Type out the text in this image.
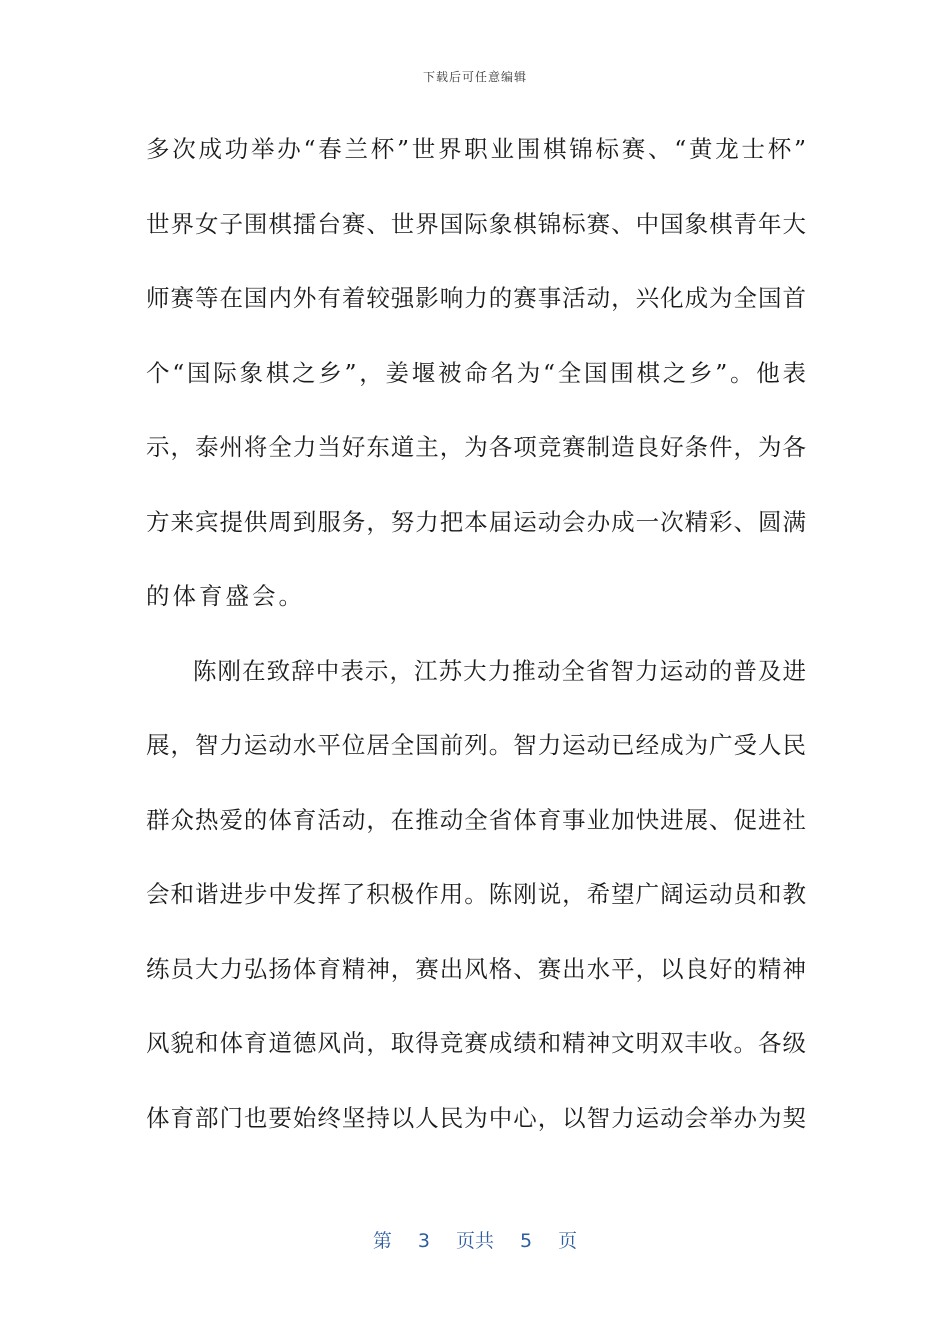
下载后可任意编辑
多次成功举办“春兰杯”世界职业围棋锦标赛、“黄龙士杯”
世界女子围棋擂台赛、世界国际象棋锦标赛、中国象棋青年大
师赛等在国内外有着较强影响力的赛事活动，兴化成为全国首
个“国际象棋之乡”，姜堰被命名为“全国围棋之乡”。他表
示，泰州将全力当好东道主，为各项竞赛制造良好条件，为各
方来宾提供周到服务，努力把本届运动会办成一次精彩、圆满
的体育盛会。
陈刚在致辞中表示，江苏大力推动全省智力运动的普及进
展，智力运动水平位居全国前列。智力运动已经成为广受人民
群众热爱的体育活动，在推动全省体育事业加快进展、促进社
会和谐进步中发挥了积极作用。陈刚说，希望广阔运动员和教
练员大力弘扬体育精神，赛出风格、赛出水平，以良好的精神
风貌和体育道德风尚，取得竞赛成绩和精神文明双丰收。各级
体育部门也要始终坚持以人民为中心，以智力运动会举办为契
第 3 页共 5 页
